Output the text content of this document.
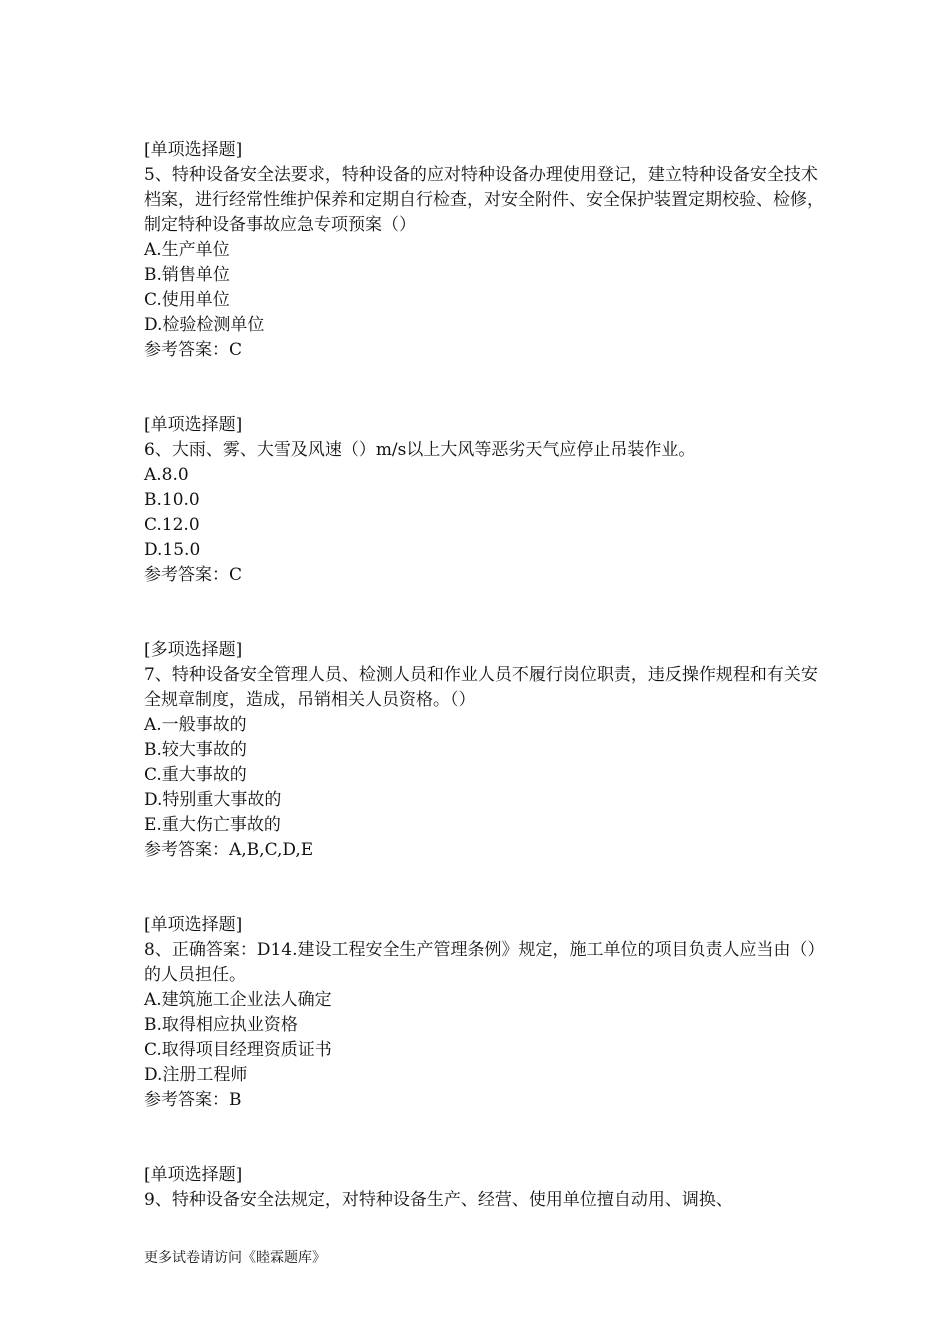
[单项选择题]
5、特种设备安全法要求，特种设备的应对特种设备办理使用登记，建立特种设备安全技术档案，进行经常性维护保养和定期自行检查，对安全附件、安全保护装置定期校验、检修，制定特种设备事故应急专项预案（）
A.生产单位
B.销售单位
C.使用单位
D.检验检测单位
参考答案：C
[单项选择题]
6、大雨、雾、大雪及风速（）m/s以上大风等恶劣天气应停止吊装作业。
A.8.0
B.10.0
C.12.0
D.15.0
参考答案：C
[多项选择题]
7、特种设备安全管理人员、检测人员和作业人员不履行岗位职责，违反操作规程和有关安全规章制度，造成，吊销相关人员资格。（）
A.一般事故的
B.较大事故的
C.重大事故的
D.特别重大事故的
E.重大伤亡事故的
参考答案：A,B,C,D,E
[单项选择题]
8、正确答案：D14.建设工程安全生产管理条例》规定，施工单位的项目负责人应当由（）的人员担任。
A.建筑施工企业法人确定
B.取得相应执业资格
C.取得项目经理资质证书
D.注册工程师
参考答案：B
[单项选择题]
9、特种设备安全法规定，对特种设备生产、经营、使用单位擅自动用、调换、
更多试卷请访问《睦霖题库》
